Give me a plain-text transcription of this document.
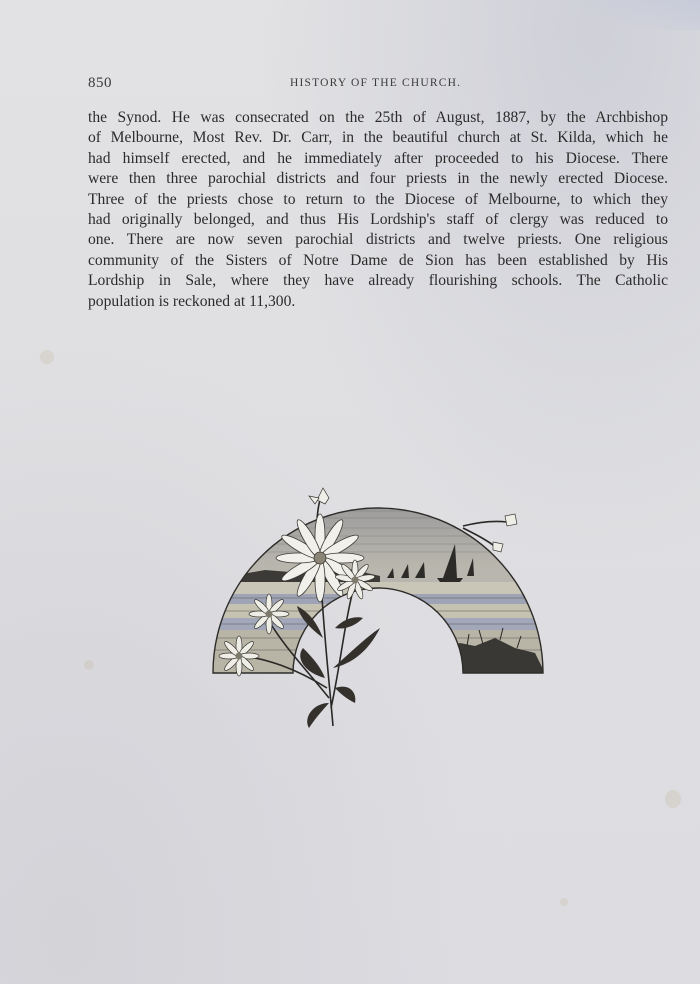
850	HISTORY OF THE CHURCH.
the Synod. He was consecrated on the 25th of August, 1887, by the Archbishop
of Melbourne, Most Rev. Dr. Carr, in the beautiful church at St. Kilda, which he
had himself erected, and he immediately after proceeded to his Diocese. There
were then three parochial districts and four priests in the newly erected Diocese.
Three of the priests chose to return to the Diocese of Melbourne, to which they
had originally belonged, and thus His Lordship's staff of clergy was reduced to
one. There are now seven parochial districts and twelve priests. One religious
community of the Sisters of Notre Dame de Sion has been established by His
Lordship in Sale, where they have already flourishing schools. The Catholic
population is reckoned at 11,300.
